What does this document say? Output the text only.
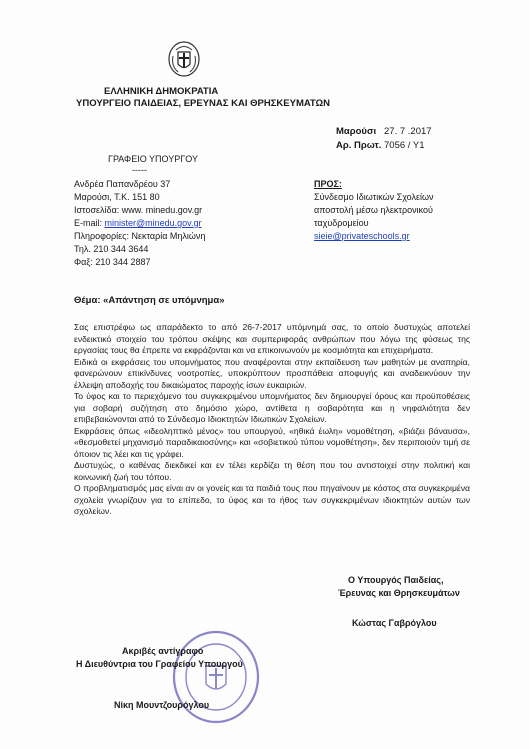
ΕΛΛΗΝΙΚΗ ΔΗΜΟΚΡΑΤΙΑ
ΥΠΟΥΡΓΕΙΟ ΠΑΙΔΕΙΑΣ, ΕΡΕΥΝΑΣ ΚΑΙ ΘΡΗΣΚΕΥΜΑΤΩΝ
Μαρούσι 27. 7 .2017
Αρ. Πρωτ. 7056 / Υ1
ΓΡΑΦΕΙΟ ΥΠΟΥΡΓΟΥ
-----
Ανδρέα Παπανδρέου 37
Μαρούσι, Τ.Κ. 151 80
Ιστοσελίδα: www. minedu.gov.gr
E-mail: minister@minedu.gov.gr
Πληροφορίες: Νεκταρία Μηλιώνη
Τηλ. 210 344 3644
Φαξ: 210 344 2887
ΠΡΟΣ:
Σύνδεσμο Ιδιωτικών Σχολείων
αποστολή μέσω ηλεκτρονικού
ταχυδρομείου
sieie@privateschools.gr
Θέμα: «Απάντηση σε υπόμνημα»

Σας επιστρέφω ως απαράδεκτο το από 26-7-2017 υπόμνημά σας, το οποίο δυστυχώς αποτελεί ενδεικτικό στοιχείο του τρόπου σκέψης και συμπεριφοράς ανθρώπων που λόγω της φύσεως της εργασίας τους θα έπρεπε να εκφράζονται και να επικοινωνούν με κοσμιότητα και επιχειρήματα.

Ειδικά οι εκφράσεις του υπομνήματος που αναφέρονται στην εκπαίδευση των μαθητών με αναπηρία, φανερώνουν επικίνδυνες νοοτροπίες, υποκρύπτουν προσπάθεια αποφυγής και αναδεικνύουν την έλλειψη αποδοχής του δικαιώματος παροχής ίσων ευκαιριών.

Το ύφος και το περιεχόμενο του συγκεκριμένου υπομνήματος δεν δημιουργεί όρους και προϋποθέσεις για σοβαρή συζήτηση στο δημόσιο χώρο, αντίθετα η σοβαρότητα και η νηφαλιότητα δεν επιβεβαιώνονται από το Σύνδεσμο Ιδιοκτητών Ιδιωτικών Σχολείων.

Εκφράσεις όπως «ιδεοληπτικό μένος» του υπουργού, «ηθικά έωλη» νομοθέτηση, «βιάζει βάναυσα», «θεσμοθετεί μηχανισμό παραδικαιοσύνης» και «σοβιετικού τύπου νομοθέτηση», δεν περιποιούν τιμή σε όποιον τις λέει και τις γράφει.

Δυστυχώς, ο καθένας διεκδικεί και εν τέλει κερδίζει τη θέση που του αντιστοιχεί στην πολιτική και κοινωνική ζωή του τόπου.

Ο προβληματισμός μας είναι αν οι γονείς και τα παιδιά τους που πηγαίνουν με κόστος στα συγκεκριμένα σχολεία γνωρίζουν για το επίπεδο, το ύφος και το ήθος των συγκεκριμένων ιδιοκτητών αυτών των σχολείων.

Ο Υπουργός Παιδείας,
Έρευνας και Θρησκευμάτων
Κώστας Γαβρόγλου
Ακριβές αντίγραφο
Η Διευθύντρια του Γραφείου Υπουργού
Νίκη Μουντζουρόγλου
